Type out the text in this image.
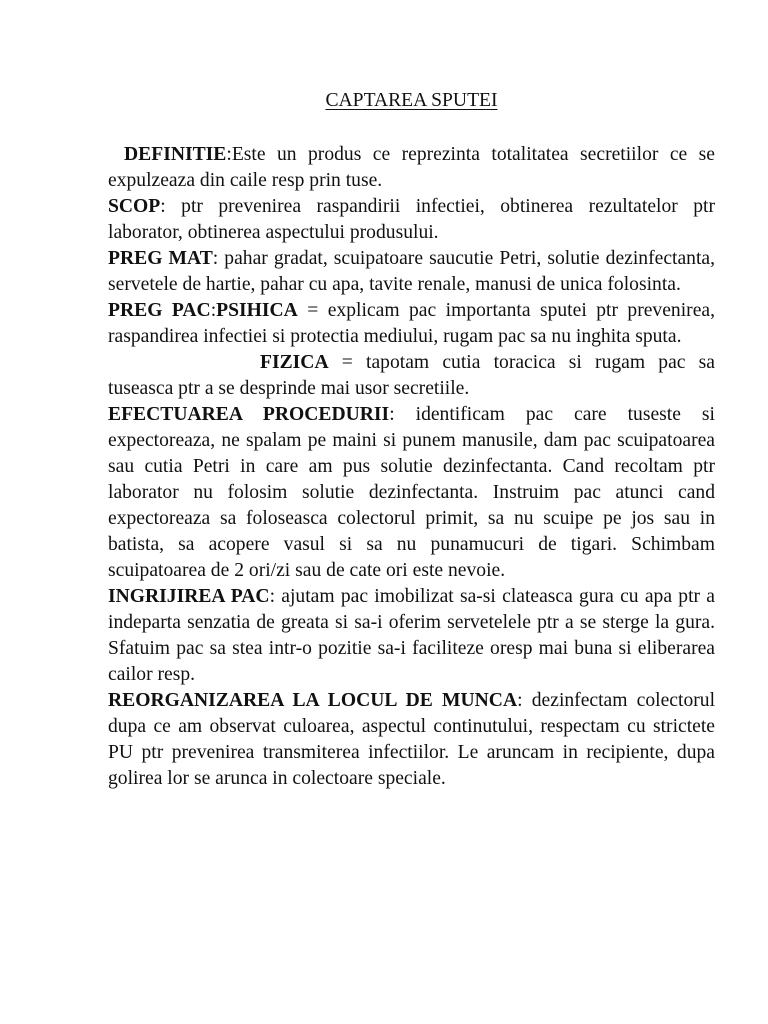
CAPTAREA SPUTEI

DEFINITIE:Este un produs ce reprezinta totalitatea secretiilor ce se expulzeaza din caile resp prin tuse.

SCOP: ptr prevenirea raspandirii infectiei, obtinerea rezultatelor ptr laborator, obtinerea aspectului produsului.

PREG MAT: pahar gradat, scuipatoare saucutie Petri, solutie dezinfectanta, servetele de hartie, pahar cu apa, tavite renale, manusi de unica folosinta.

PREG PAC:PSIHICA = explicam pac importanta sputei ptr prevenirea, raspandirea infectiei si protectia mediului, rugam pac sa nu inghita sputa.

FIZICA = tapotam cutia toracica si rugam pac sa tuseasca ptr a se desprinde mai usor secretiile.

EFECTUAREA PROCEDURII: identificam pac care tuseste si expectoreaza, ne spalam pe maini si punem manusile, dam pac scuipatoarea sau cutia Petri in care am pus solutie dezinfectanta. Cand recoltam ptr laborator nu folosim solutie dezinfectanta. Instruim pac atunci cand expectoreaza sa foloseasca colectorul primit, sa nu scuipe pe jos sau in batista, sa acopere vasul si sa nu punamucuri de tigari. Schimbam scuipatoarea de 2 ori/zi sau de cate ori este nevoie.

INGRIJIREA PAC: ajutam pac imobilizat sa-si clateasca gura cu apa ptr a indeparta senzatia de greata si sa-i oferim servetelele ptr a se sterge la gura. Sfatuim pac sa stea intr-o pozitie sa-i faciliteze oresp mai buna si eliberarea cailor resp.

REORGANIZAREA LA LOCUL DE MUNCA: dezinfectam colectorul dupa ce am observat culoarea, aspectul continutului, respectam cu strictete PU ptr prevenirea transmiterea infectiilor. Le aruncam in recipiente, dupa golirea lor se arunca in colectoare speciale.
